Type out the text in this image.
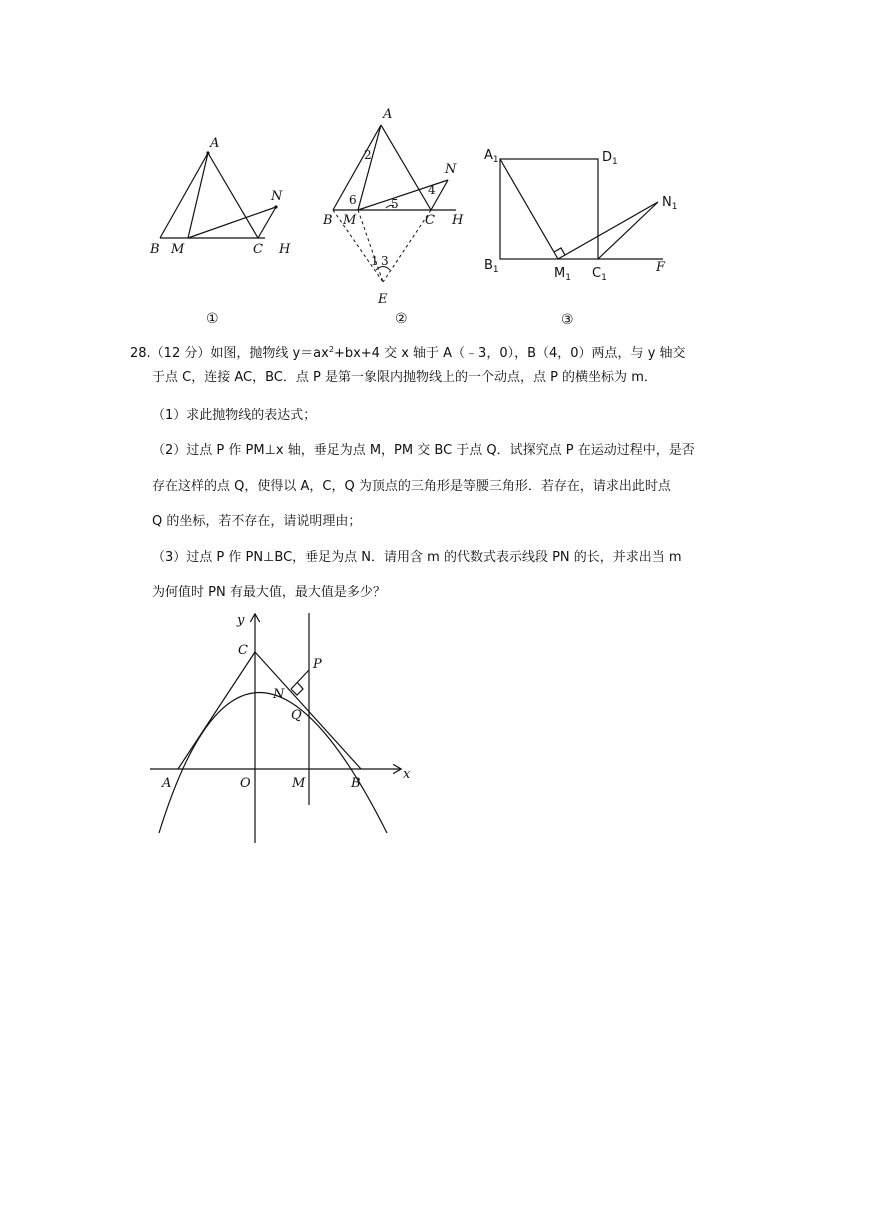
A
N
B M	C H
①
A
N
B M	C H
E
2
6
4
5
1 3
②
$A_1$	$D_1$
$B_1$	$M_1$ $C_1$
$N_1$
F
③
28.（12 分）如图，抛物线 $y=ax^2+bx+4$ 交 x 轴于 A（﹣3，0），B（4，0）两点，与 y 轴交
于点 C，连接 AC，BC．点 P 是第一象限内抛物线上的一个动点，点 P 的横坐标为 m．
（1）求此抛物线的表达式；
（2）过点 P 作 PM⊥x 轴，垂足为点 M，PM 交 BC 于点 Q．试探究点 P 在运动过程中，是否
存在这样的点 Q，使得以 A，C，Q 为顶点的三角形是等腰三角形．若存在，请求出此时点
Q 的坐标，若不存在，请说明理由；
（3）过点 P 作 PN⊥BC，垂足为点 N．请用含 m 的代数式表示线段 PN 的长，并求出当 m
为何值时 PN 有最大值，最大值是多少？
y
x
C
P
N
Q
A	O	M	B
